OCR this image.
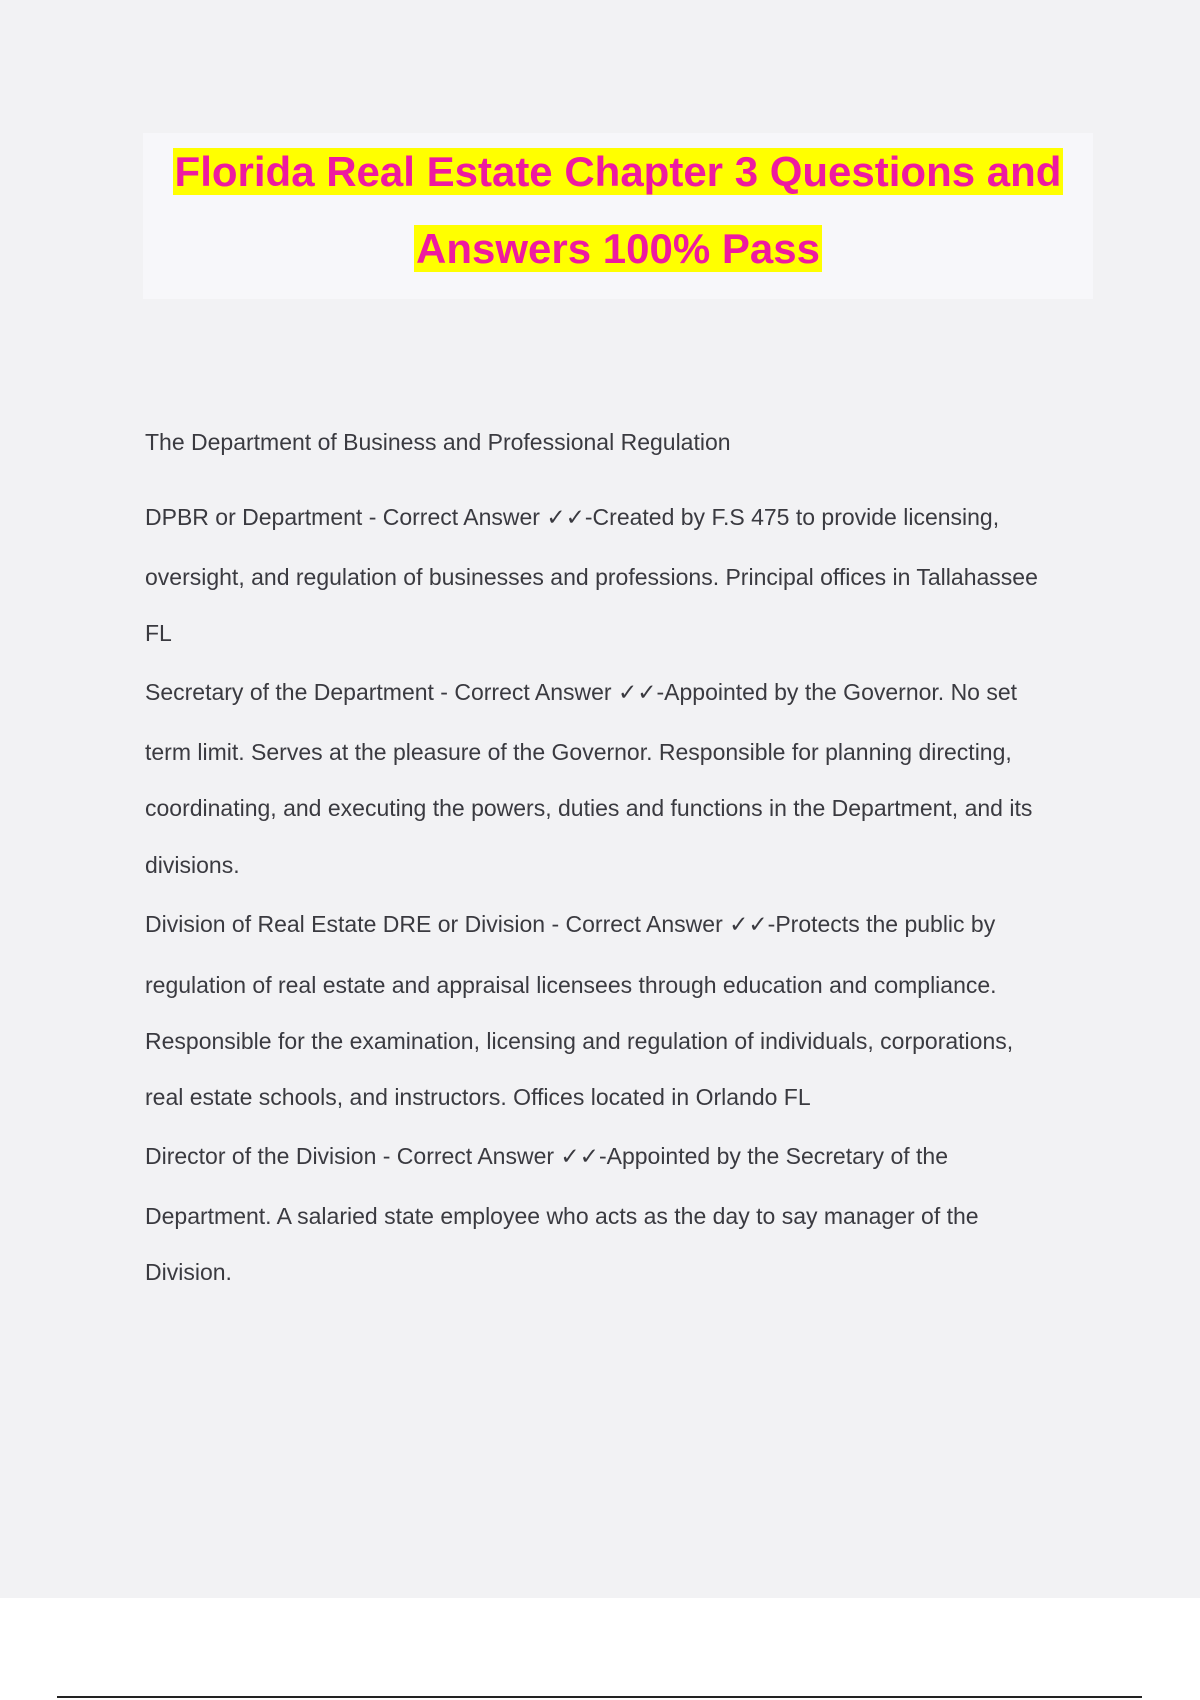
Florida Real Estate Chapter 3 Questions and
Answers 100% Pass
The Department of Business and Professional Regulation
DPBR or Department - Correct Answer ✓✓-Created by F.S 475 to provide licensing,
oversight, and regulation of businesses and professions. Principal offices in Tallahassee
FL
Secretary of the Department - Correct Answer ✓✓-Appointed by the Governor. No set
term limit. Serves at the pleasure of the Governor. Responsible for planning directing,
coordinating, and executing the powers, duties and functions in the Department, and its
divisions.
Division of Real Estate DRE or Division - Correct Answer ✓✓-Protects the public by
regulation of real estate and appraisal licensees through education and compliance.
Responsible for the examination, licensing and regulation of individuals, corporations,
real estate schools, and instructors. Offices located in Orlando FL
Director of the Division - Correct Answer ✓✓-Appointed by the Secretary of the
Department. A salaried state employee who acts as the day to say manager of the
Division.
